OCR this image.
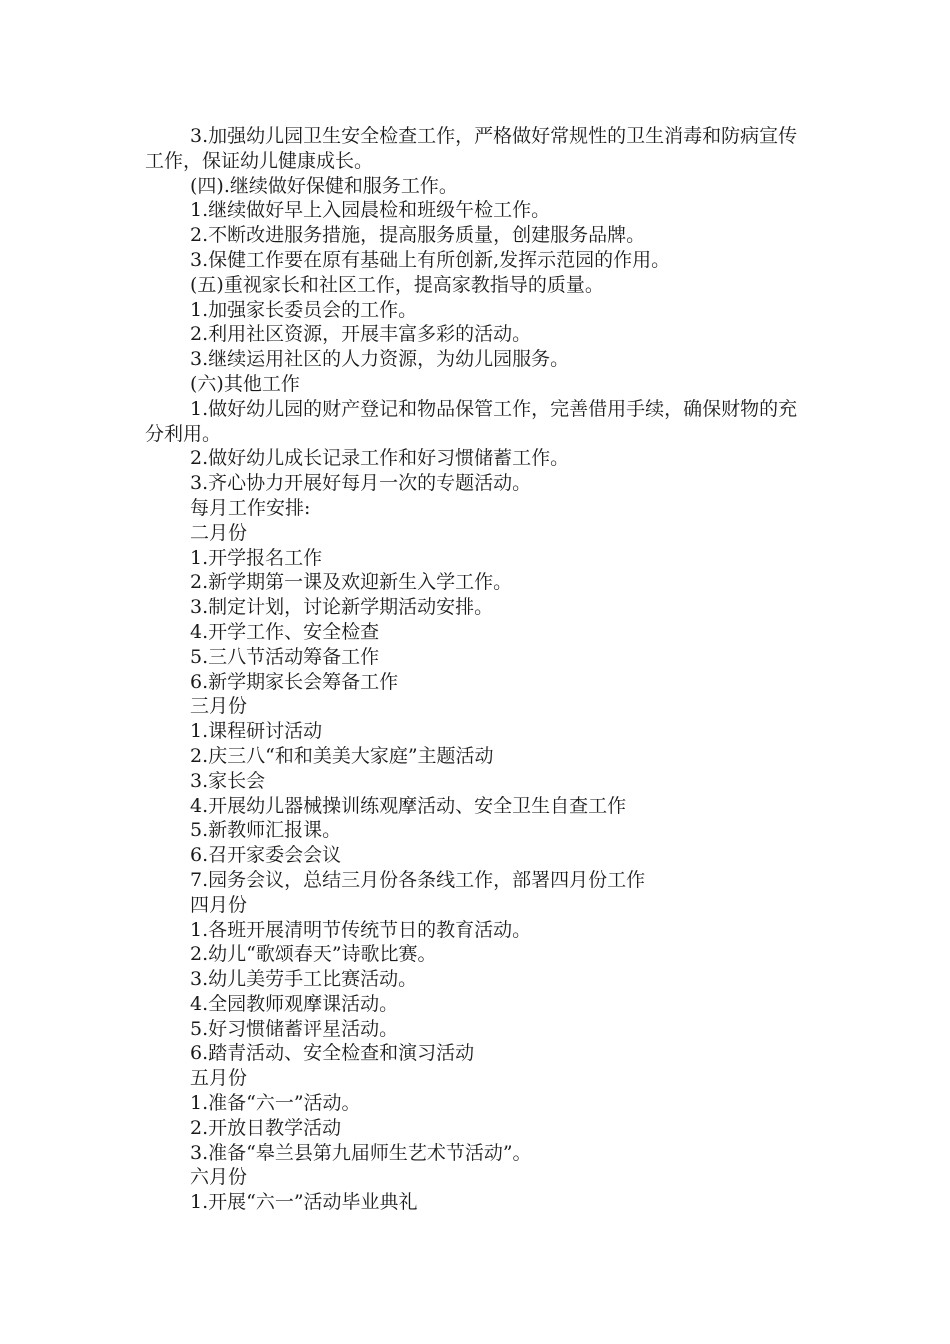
3.加强幼儿园卫生安全检查工作，严格做好常规性的卫生消毒和防病宣传工作，保证幼儿健康成长。

(四).继续做好保健和服务工作。

1.继续做好早上入园晨检和班级午检工作。

2.不断改进服务措施，提高服务质量，创建服务品牌。

3.保健工作要在原有基础上有所创新,发挥示范园的作用。

(五)重视家长和社区工作，提高家教指导的质量。

1.加强家长委员会的工作。

2.利用社区资源，开展丰富多彩的活动。

3.继续运用社区的人力资源，为幼儿园服务。

(六)其他工作

1.做好幼儿园的财产登记和物品保管工作，完善借用手续，确保财物的充分利用。

2.做好幼儿成长记录工作和好习惯储蓄工作。

3.齐心协力开展好每月一次的专题活动。

每月工作安排:

二月份

1.开学报名工作

2.新学期第一课及欢迎新生入学工作。

3.制定计划，讨论新学期活动安排。

4.开学工作、安全检查

5.三八节活动筹备工作

6.新学期家长会筹备工作

三月份

1.课程研讨活动

2.庆三八“和和美美大家庭”主题活动

3.家长会

4.开展幼儿器械操训练观摩活动、安全卫生自查工作

5.新教师汇报课。

6.召开家委会会议

7.园务会议，总结三月份各条线工作，部署四月份工作

四月份

1.各班开展清明节传统节日的教育活动。

2.幼儿“歌颂春天”诗歌比赛。

3.幼儿美劳手工比赛活动。

4.全园教师观摩课活动。

5.好习惯储蓄评星活动。

6.踏青活动、安全检查和演习活动

五月份

1.准备“六一”活动。

2.开放日教学活动

3.准备“皋兰县第九届师生艺术节活动”。

六月份

1.开展“六一”活动毕业典礼
